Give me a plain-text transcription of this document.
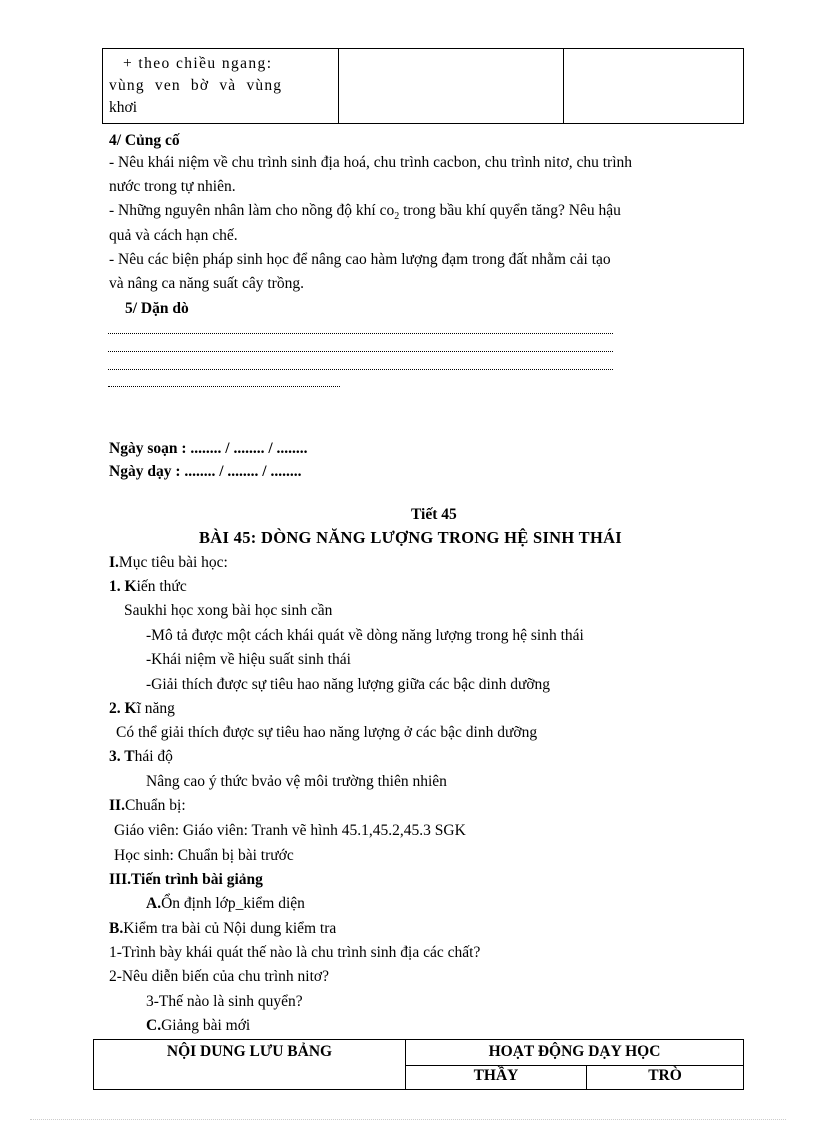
+ theo chiều ngang:
vùng ven bờ và vùng
khơi

4/ Củng cố
- Nêu khái niệm về chu trình sinh địa hoá, chu trình cacbon, chu trình nitơ, chu trình
nước trong tự nhiên.
- Những nguyên nhân làm cho nồng độ khí $co_2$ trong bầu khí quyển tăng? Nêu hậu
quả và cách hạn chế.
- Nêu các biện pháp sinh học để nâng cao hàm lượng đạm trong đất nhằm cải tạo
và nâng ca năng suất cây trồng.
5/ Dặn dò
Ngày soạn : ........ / ........ / ........
Ngày dạy : ........ / ........ / ........
Tiết 45
BÀI 45: DÒNG NĂNG LƯỢNG TRONG HỆ SINH THÁI
I.Mục tiêu bài học:
1. Kiến thức
Saukhi học xong bài học sinh cần
-Mô tả được một cách khái quát về dòng năng lượng trong hệ sinh thái
-Khái niệm về hiệu suất sinh thái
-Giải thích được sự tiêu hao năng lượng giữa các bậc dinh dưỡng
2. Kĩ năng
Có thể giải thích được sự tiêu hao năng lượng ở các bậc dinh dưỡng
3. Thái độ
Nâng cao ý thức bvảo vệ môi trường thiên nhiên
II.Chuẩn bị:
Giáo viên: Giáo viên: Tranh vẽ hình 45.1,45.2,45.3 SGK
Học sinh: Chuẩn bị bài trước
III.Tiến trình bài giảng
A.Ổn định lớp_kiểm diện
B.Kiểm tra bài củ Nội dung kiểm tra
1-Trình bày khái quát thế nào là chu trình sinh địa các chất?
2-Nêu diễn biến của chu trình nitơ?
3-Thế nào là sinh quyển?
C.Giảng bài mới
NỘI DUNG LƯU BẢNG	HOẠT ĐỘNG DẠY HỌC	
	THẦY	TRÒ
